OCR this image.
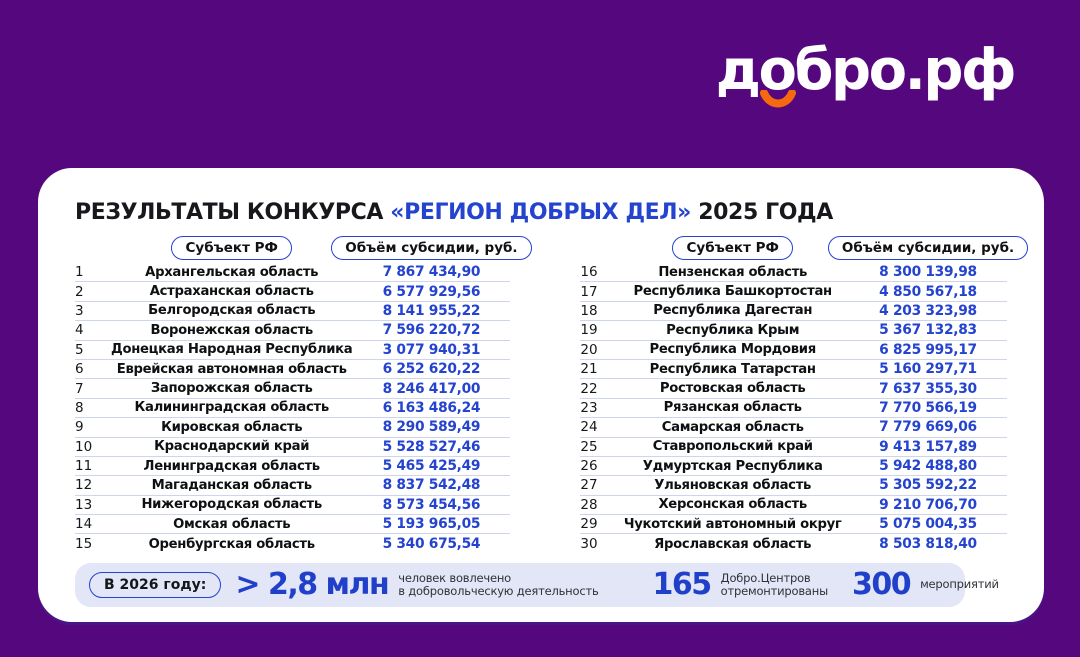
добро.рф
РЕЗУЛЬТАТЫ КОНКУРСА «РЕГИОН ДОБРЫХ ДЕЛ» 2025 ГОДА
Субъект РФ	Объём субсидии, руб.
1	Архангельская область	7 867 434,90
2	Астраханская область	6 577 929,56
3	Белгородская область	8 141 955,22
4	Воронежская область	7 596 220,72
5	Донецкая Народная Республика	3 077 940,31
6	Еврейская автономная область	6 252 620,22
7	Запорожская область	8 246 417,00
8	Калининградская область	6 163 486,24
9	Кировская область	8 290 589,49
10	Краснодарский край	5 528 527,46
11	Ленинградская область	5 465 425,49
12	Магаданская область	8 837 542,48
13	Нижегородская область	8 573 454,56
14	Омская область	5 193 965,05
15	Оренбургская область	5 340 675,54
Субъект РФ	Объём субсидии, руб.
16	Пензенская область	8 300 139,98
17	Республика Башкортостан	4 850 567,18
18	Республика Дагестан	4 203 323,98
19	Республика Крым	5 367 132,83
20	Республика Мордовия	6 825 995,17
21	Республика Татарстан	5 160 297,71
22	Ростовская область	7 637 355,30
23	Рязанская область	7 770 566,19
24	Самарская область	7 779 669,06
25	Ставропольский край	9 413 157,89
26	Удмуртская Республика	5 942 488,80
27	Ульяновская область	5 305 592,22
28	Херсонская область	9 210 706,70
29	Чукотский автономный округ	5 075 004,35
30	Ярославская область	8 503 818,40
В 2026 году: > 2,8 млн человек вовлечено
в добровольческую деятельность 165 Добро.Центров
отремонтированы 300 мероприятий
